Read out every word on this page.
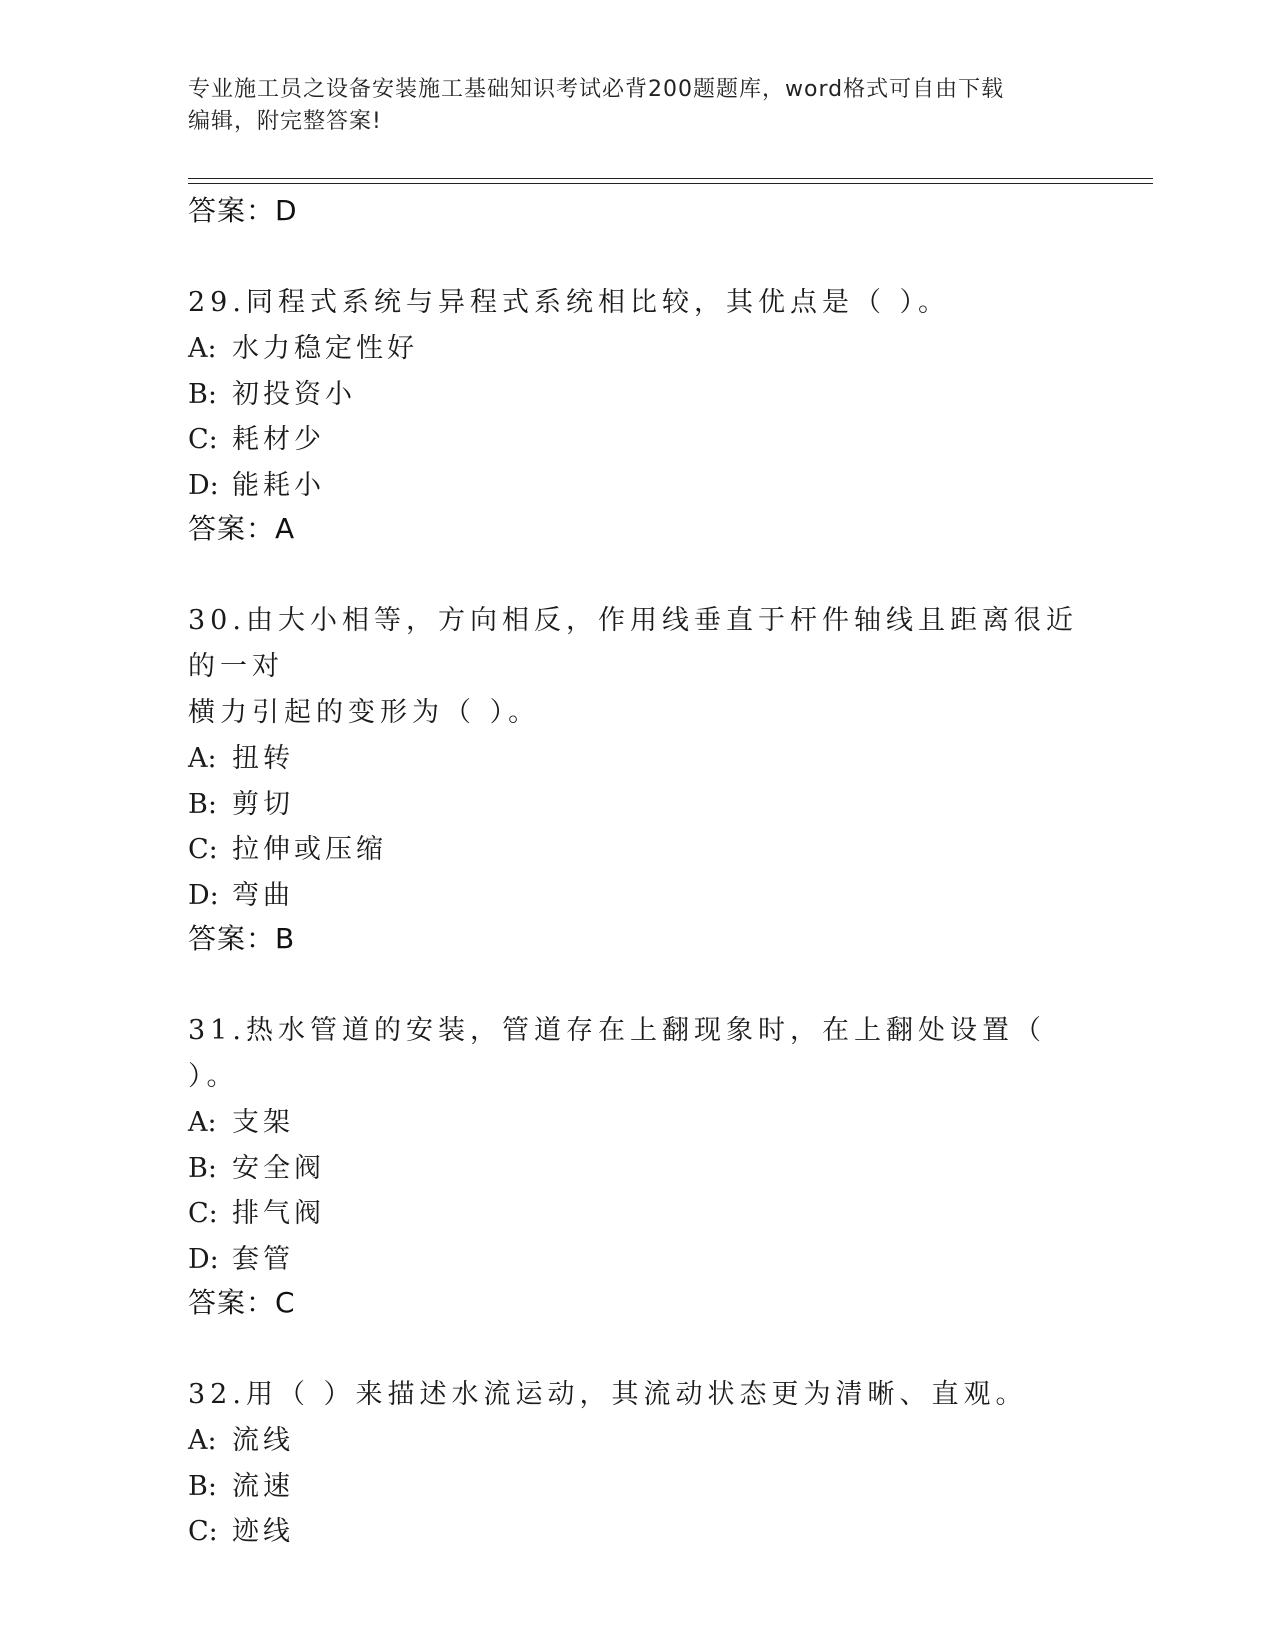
专业施工员之设备安装施工基础知识考试必背200题题库，word格式可自由下载
编辑，附完整答案!
答案：D
29.同程式系统与异程式系统相比较，其优点是（ ）。
A: 水力稳定性好
B: 初投资小
C: 耗材少
D: 能耗小
答案：A
30.由大小相等，方向相反，作用线垂直于杆件轴线且距离很近的一对
横力引起的变形为（ ）。
A: 扭转
B: 剪切
C: 拉伸或压缩
D: 弯曲
答案：B
31.热水管道的安装，管道存在上翻现象时，在上翻处设置（ ）。
A: 支架
B: 安全阀
C: 排气阀
D: 套管
答案：C
32.用（ ）来描述水流运动，其流动状态更为清晰、直观。
A: 流线
B: 流速
C: 迹线
